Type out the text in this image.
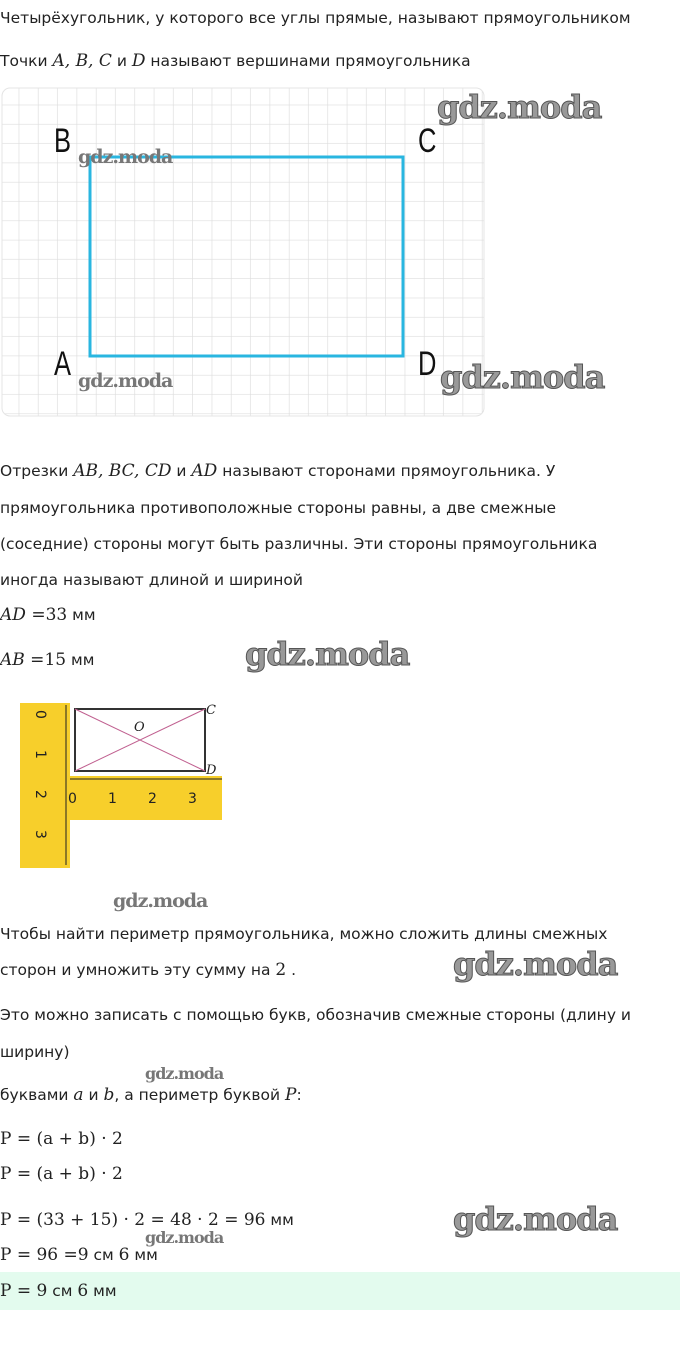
Четырёхугольник, у которого все углы прямые, называют прямоугольником
Точки A, B, C и D называют вершинами прямоугольника
B	C
A	D
Отрезки AB, BC, CD и AD называют сторонами прямоугольника. У
прямоугольника противоположные стороны равны, а две смежные
(соседние) стороны могут быть различны. Эти стороны прямоугольника
иногда называют длиной и шириной
AD =33 мм
AB =15 мм
0
1
2
3
0 1 2 3
O
C
D
Чтобы найти периметр прямоугольника, можно сложить длины смежных
сторон и умножить эту сумму на 2 .
Это можно записать с помощью букв, обозначив смежные стороны (длину и
ширину)
буквами a и b, а периметр буквой P:
P = (a + b) · 2
P = (a + b) · 2
P = (33 + 15) · 2 = 48 · 2 = 96 мм
P = 96 =9 см 6 мм
P = 9 см 6 мм
gdz.moda
gdz.moda
gdz.moda	gdz.moda
gdz.moda
gdz.moda
gdz.moda
gdz.moda
gdz.moda
gdz.moda
